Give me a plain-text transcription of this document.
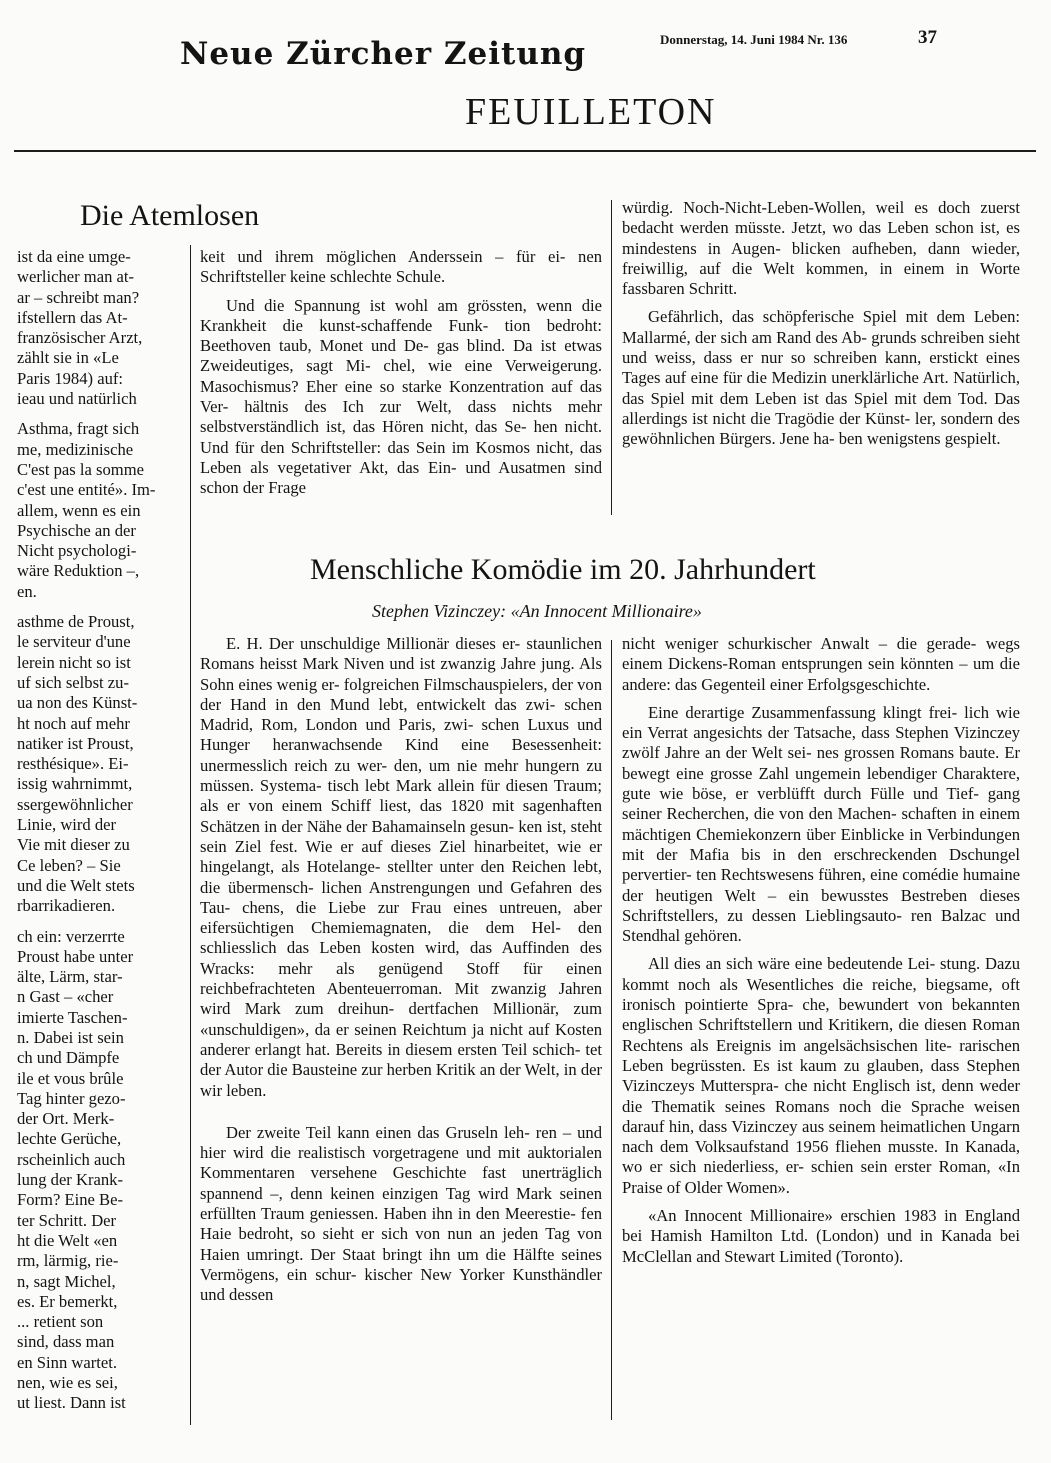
Neue Zürcher Zeitung	Donnerstag, 14. Juni 1984 Nr. 136	37
FEUILLETON
Die Atemlosen
ist da eine umge-
werlicher man at-
ar – schreibt man?
ifstellern das At-
französischer Arzt,
zählt sie in «Le
Paris 1984) auf:
ieau und natürlich

Asthma, fragt sich
me, medizinische
C'est pas la somme
c'est une entité». Im-
allem, wenn es ein
Psychische an der
Nicht psychologi-
wäre Reduktion –,
en.

asthme de Proust,
le serviteur d'une
lerein nicht so ist
uf sich selbst zu-
ua non des Künst-
ht noch auf mehr
natiker ist Proust,
resthésique». Ei-
issig wahrnimmt,
ssergewöhnlicher
Linie, wird der
Vie mit dieser zu
Ce leben? – Sie
und die Welt stets
rbarrikadieren.

ch ein: verzerrte
Proust habe unter
älte, Lärm, star-
n Gast – «cher
imierte Taschen-
n. Dabei ist sein
ch und Dämpfe
ile et vous brûle
Tag hinter gezo-
der Ort. Merk-
lechte Gerüche,
rscheinlich auch
lung der Krank-
Form? Eine Be-
ter Schritt. Der
ht die Welt «en
rm, lärmig, rie-
n, sagt Michel,
es. Er bemerkt,
... retient son
sind, dass man
en Sinn wartet.
nen, wie es sei,
ut liest. Dann ist

keit und ihrem möglichen Anderssein – für ei- nen Schriftsteller keine schlechte Schule.

Und die Spannung ist wohl am grössten, wenn die Krankheit die kunst-schaffende Funk- tion bedroht: Beethoven taub, Monet und De- gas blind. Da ist etwas Zweideutiges, sagt Mi- chel, wie eine Verweigerung. Masochismus? Eher eine so starke Konzentration auf das Ver- hältnis des Ich zur Welt, dass nichts mehr selbstverständlich ist, das Hören nicht, das Se- hen nicht. Und für den Schriftsteller: das Sein im Kosmos nicht, das Leben als vegetativer Akt, das Ein- und Ausatmen sind schon der Frage

würdig. Noch-Nicht-Leben-Wollen, weil es doch zuerst bedacht werden müsste. Jetzt, wo das Leben schon ist, es mindestens in Augen- blicken aufheben, dann wieder, freiwillig, auf die Welt kommen, in einem in Worte fassbaren Schritt.

Gefährlich, das schöpferische Spiel mit dem Leben: Mallarmé, der sich am Rand des Ab- grunds schreiben sieht und weiss, dass er nur so schreiben kann, erstickt eines Tages auf eine für die Medizin unerklärliche Art. Natürlich, das Spiel mit dem Leben ist das Spiel mit dem Tod. Das allerdings ist nicht die Tragödie der Künst- ler, sondern des gewöhnlichen Bürgers. Jene ha- ben wenigstens gespielt.

Menschliche Komödie im 20. Jahrhundert
Stephen Vizinczey: «An Innocent Millionaire»

E. H. Der unschuldige Millionär dieses er- staunlichen Romans heisst Mark Niven und ist zwanzig Jahre jung. Als Sohn eines wenig er- folgreichen Filmschauspielers, der von der Hand in den Mund lebt, entwickelt das zwi- schen Madrid, Rom, London und Paris, zwi- schen Luxus und Hunger heranwachsende Kind eine Besessenheit: unermesslich reich zu wer- den, um nie mehr hungern zu müssen. Systema- tisch lebt Mark allein für diesen Traum; als er von einem Schiff liest, das 1820 mit sagenhaften Schätzen in der Nähe der Bahamainseln gesun- ken ist, steht sein Ziel fest. Wie er auf dieses Ziel hinarbeitet, wie er hingelangt, als Hotelange- stellter unter den Reichen lebt, die übermensch- lichen Anstrengungen und Gefahren des Tau- chens, die Liebe zur Frau eines untreuen, aber eifersüchtigen Chemiemagnaten, die dem Hel- den schliesslich das Leben kosten wird, das Auffinden des Wracks: mehr als genügend Stoff für einen reichbefrachteten Abenteuerroman. Mit zwanzig Jahren wird Mark zum dreihun- dertfachen Millionär, zum «unschuldigen», da er seinen Reichtum ja nicht auf Kosten anderer erlangt hat. Bereits in diesem ersten Teil schich- tet der Autor die Bausteine zur herben Kritik an der Welt, in der wir leben.

Der zweite Teil kann einen das Gruseln leh- ren – und hier wird die realistisch vorgetragene und mit auktorialen Kommentaren versehene Geschichte fast unerträglich spannend –, denn keinen einzigen Tag wird Mark seinen erfüllten Traum geniessen. Haben ihn in den Meerestie- fen Haie bedroht, so sieht er sich von nun an jeden Tag von Haien umringt. Der Staat bringt ihn um die Hälfte seines Vermögens, ein schur- kischer New Yorker Kunsthändler und dessen

nicht weniger schurkischer Anwalt – die gerade- wegs einem Dickens-Roman entsprungen sein könnten – um die andere: das Gegenteil einer Erfolgsgeschichte.

Eine derartige Zusammenfassung klingt frei- lich wie ein Verrat angesichts der Tatsache, dass Stephen Vizinczey zwölf Jahre an der Welt sei- nes grossen Romans baute. Er bewegt eine grosse Zahl ungemein lebendiger Charaktere, gute wie böse, er verblüfft durch Fülle und Tief- gang seiner Recherchen, die von den Machen- schaften in einem mächtigen Chemiekonzern über Einblicke in Verbindungen mit der Mafia bis in den erschreckenden Dschungel pervertier- ten Rechtswesens führen, eine comédie humaine der heutigen Welt – ein bewusstes Bestreben dieses Schriftstellers, zu dessen Lieblingsauto- ren Balzac und Stendhal gehören.

All dies an sich wäre eine bedeutende Lei- stung. Dazu kommt noch als Wesentliches die reiche, biegsame, oft ironisch pointierte Spra- che, bewundert von bekannten englischen Schriftstellern und Kritikern, die diesen Roman Rechtens als Ereignis im angelsächsischen lite- rarischen Leben begrüssten. Es ist kaum zu glauben, dass Stephen Vizinczeys Mutterspra- che nicht Englisch ist, denn weder die Thematik seines Romans noch die Sprache weisen darauf hin, dass Vizinczey aus seinem heimatlichen Ungarn nach dem Volksaufstand 1956 fliehen musste. In Kanada, wo er sich niederliess, er- schien sein erster Roman, «In Praise of Older Women».

«An Innocent Millionaire» erschien 1983 in England bei Hamish Hamilton Ltd. (London) und in Kanada bei McClellan and Stewart Limited (Toronto).
